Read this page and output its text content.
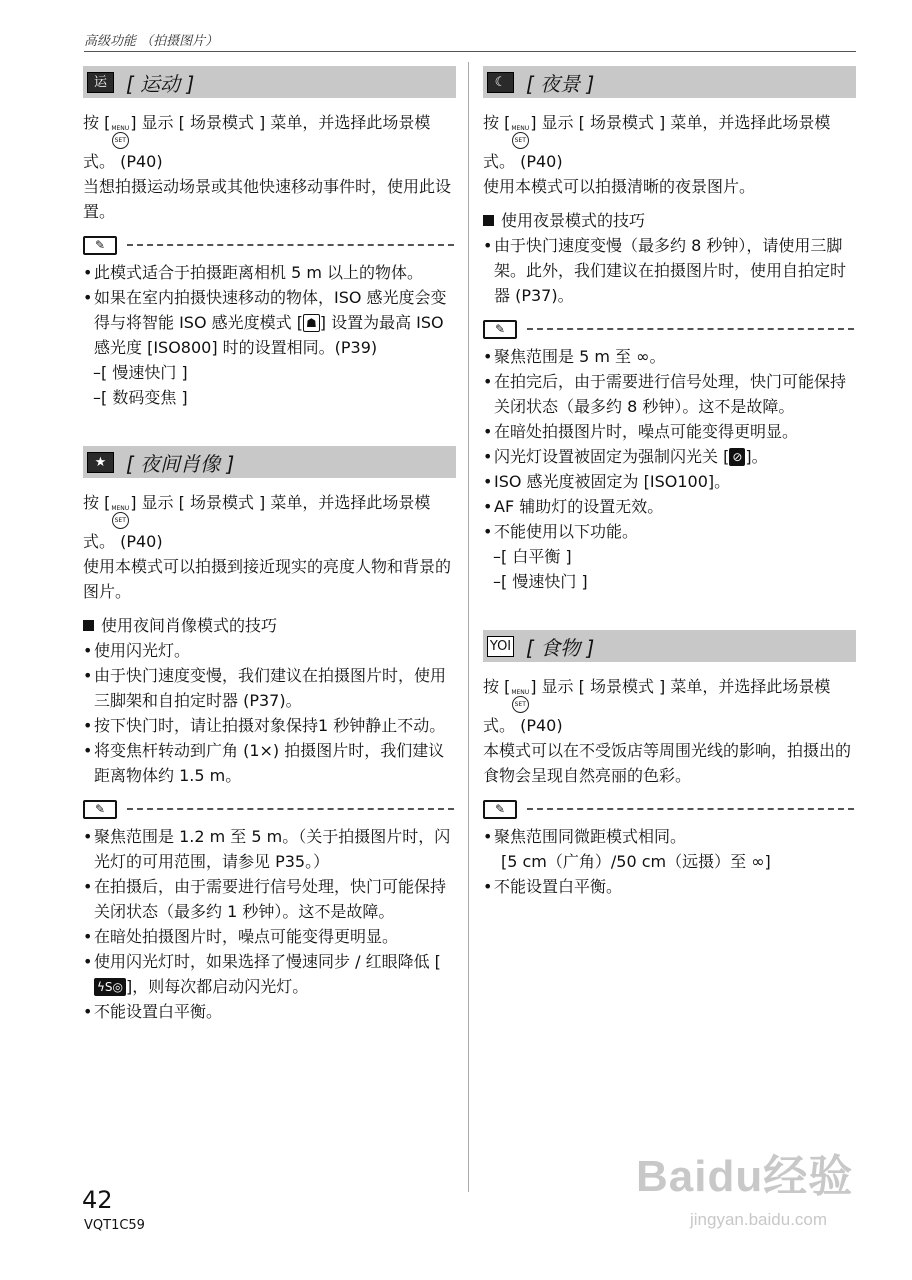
高级功能 （拍摄图片）
运 [ 运动 ]

按 [ MENU
SET
] 显示 [ 场景模式 ] 菜单，并选择此场景模式。 (P40)

当想拍摄运动场景或其他快速移动事件时，使用此设置。

✎
• 此模式适合于拍摄距离相机 5 m 以上的物体。
• 如果在室内拍摄快速移动的物体，ISO 感光度会变得与将智能 ISO 感光度模式 [ ☗ ] 设置为最高 ISO 感光度 [ISO800] 时的设置相同。(P39)
–[ 慢速快门 ]
–[ 数码变焦 ]
★ [ 夜间肖像 ]

按 [ MENU
SET
] 显示 [ 场景模式 ] 菜单，并选择此场景模式。 (P40)

使用本模式可以拍摄到接近现实的亮度人物和背景的图片。

使用夜间肖像模式的技巧
• 使用闪光灯。
• 由于快门速度变慢，我们建议在拍摄图片时，使用三脚架和自拍定时器 (P37)。
• 按下快门时，请让拍摄对象保持1 秒钟静止不动。
• 将变焦杆转动到广角 (1×) 拍摄图片时，我们建议距离物体约 1.5 m。
✎
• 聚焦范围是 1.2 m 至 5 m。（关于拍摄图片时，闪光灯的可用范围，请参见 P35。）
• 在拍摄后，由于需要进行信号处理，快门可能保持关闭状态（最多约 1 秒钟）。这不是故障。
• 在暗处拍摄图片时，噪点可能变得更明显。
• 使用闪光灯时，如果选择了慢速同步 / 红眼降低 [ϟS◎ ]，则每次都启动闪光灯。
• 不能设置白平衡。
☾ [ 夜景 ]

按 [ MENU
SET
] 显示 [ 场景模式 ] 菜单，并选择此场景模式。 (P40)

使用本模式可以拍摄清晰的夜景图片。

使用夜景模式的技巧
• 由于快门速度变慢（最多约 8 秒钟），请使用三脚架。此外，我们建议在拍摄图片时，使用自拍定时器 (P37)。
✎
• 聚焦范围是 5 m 至 ∞。
• 在拍完后，由于需要进行信号处理，快门可能保持关闭状态（最多约 8 秒钟）。这不是故障。
• 在暗处拍摄图片时，噪点可能变得更明显。
• 闪光灯设置被固定为强制闪光关 [ ⊘ ]。
• ISO 感光度被固定为 [ISO100]。
• AF 辅助灯的设置无效。
• 不能使用以下功能。
–[ 白平衡 ]
–[ 慢速快门 ]
YOI [ 食物 ]

按 [ MENU
SET
] 显示 [ 场景模式 ] 菜单，并选择此场景模式。 (P40)

本模式可以在不受饭店等周围光线的影响，拍摄出的食物会呈现自然亮丽的色彩。

✎
• 聚焦范围同微距模式相同。
[5 cm（广角）/50 cm（远摄）至 ∞]
• 不能设置白平衡。
42
VQT1C59
Baidu经验
jingyan.baidu.com
